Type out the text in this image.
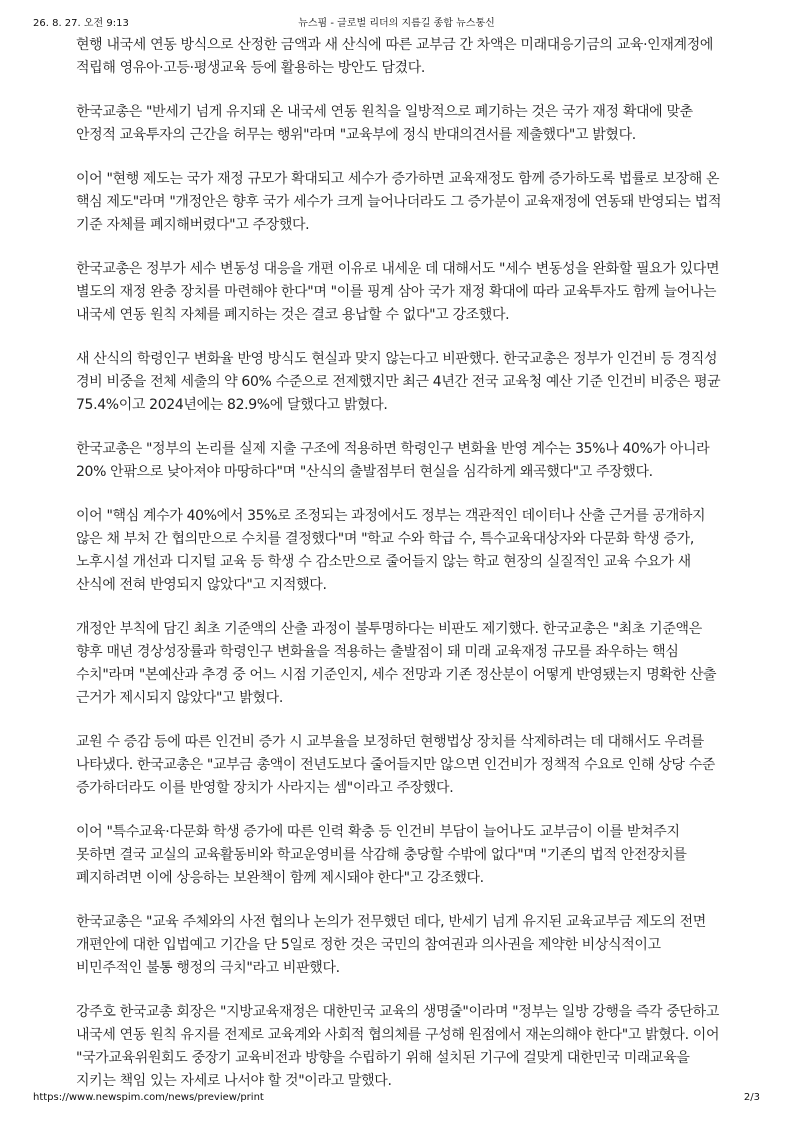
26. 8. 27. 오전 9:13	뉴스핌 - 글로벌 리더의 지름길 종합 뉴스통신

현행 내국세 연동 방식으로 산정한 금액과 새 산식에 따른 교부금 간 차액은 미래대응기금의 교육·인재계정에 적립해 영유아·고등·평생교육 등에 활용하는 방안도 담겼다.

한국교총은 "반세기 넘게 유지돼 온 내국세 연동 원칙을 일방적으로 폐기하는 것은 국가 재정 확대에 맞춘 안정적 교육투자의 근간을 허무는 행위"라며 "교육부에 정식 반대의견서를 제출했다"고 밝혔다.

이어 "현행 제도는 국가 재정 규모가 확대되고 세수가 증가하면 교육재정도 함께 증가하도록 법률로 보장해 온 핵심 제도"라며 "개정안은 향후 국가 세수가 크게 늘어나더라도 그 증가분이 교육재정에 연동돼 반영되는 법적 기준 자체를 폐지해버렸다"고 주장했다.

한국교총은 정부가 세수 변동성 대응을 개편 이유로 내세운 데 대해서도 "세수 변동성을 완화할 필요가 있다면 별도의 재정 완충 장치를 마련해야 한다"며 "이를 핑계 삼아 국가 재정 확대에 따라 교육투자도 함께 늘어나는 내국세 연동 원칙 자체를 폐지하는 것은 결코 용납할 수 없다"고 강조했다.

새 산식의 학령인구 변화율 반영 방식도 현실과 맞지 않는다고 비판했다. 한국교총은 정부가 인건비 등 경직성 경비 비중을 전체 세출의 약 60% 수준으로 전제했지만 최근 4년간 전국 교육청 예산 기준 인건비 비중은 평균 75.4%이고 2024년에는 82.9%에 달했다고 밝혔다.

한국교총은 "정부의 논리를 실제 지출 구조에 적용하면 학령인구 변화율 반영 계수는 35%나 40%가 아니라 20% 안팎으로 낮아져야 마땅하다"며 "산식의 출발점부터 현실을 심각하게 왜곡했다"고 주장했다.

이어 "핵심 계수가 40%에서 35%로 조정되는 과정에서도 정부는 객관적인 데이터나 산출 근거를 공개하지 않은 채 부처 간 협의만으로 수치를 결정했다"며 "학교 수와 학급 수, 특수교육대상자와 다문화 학생 증가, 노후시설 개선과 디지털 교육 등 학생 수 감소만으로 줄어들지 않는 학교 현장의 실질적인 교육 수요가 새 산식에 전혀 반영되지 않았다"고 지적했다.

개정안 부칙에 담긴 최초 기준액의 산출 과정이 불투명하다는 비판도 제기했다. 한국교총은 "최초 기준액은 향후 매년 경상성장률과 학령인구 변화율을 적용하는 출발점이 돼 미래 교육재정 규모를 좌우하는 핵심 수치"라며 "본예산과 추경 중 어느 시점 기준인지, 세수 전망과 기존 정산분이 어떻게 반영됐는지 명확한 산출 근거가 제시되지 않았다"고 밝혔다.

교원 수 증감 등에 따른 인건비 증가 시 교부율을 보정하던 현행법상 장치를 삭제하려는 데 대해서도 우려를 나타냈다. 한국교총은 "교부금 총액이 전년도보다 줄어들지만 않으면 인건비가 정책적 수요로 인해 상당 수준 증가하더라도 이를 반영할 장치가 사라지는 셈"이라고 주장했다.

이어 "특수교육·다문화 학생 증가에 따른 인력 확충 등 인건비 부담이 늘어나도 교부금이 이를 받쳐주지 못하면 결국 교실의 교육활동비와 학교운영비를 삭감해 충당할 수밖에 없다"며 "기존의 법적 안전장치를 폐지하려면 이에 상응하는 보완책이 함께 제시돼야 한다"고 강조했다.

한국교총은 "교육 주체와의 사전 협의나 논의가 전무했던 데다, 반세기 넘게 유지된 교육교부금 제도의 전면 개편안에 대한 입법예고 기간을 단 5일로 정한 것은 국민의 참여권과 의사권을 제약한 비상식적이고 비민주적인 불통 행정의 극치"라고 비판했다.

강주호 한국교총 회장은 "지방교육재정은 대한민국 교육의 생명줄"이라며 "정부는 일방 강행을 즉각 중단하고 내국세 연동 원칙 유지를 전제로 교육계와 사회적 협의체를 구성해 원점에서 재논의해야 한다"고 밝혔다. 이어 "국가교육위원회도 중장기 교육비전과 방향을 수립하기 위해 설치된 기구에 걸맞게 대한민국 미래교육을 지키는 책임 있는 자세로 나서야 할 것"이라고 말했다.

https://www.newspim.com/news/preview/print	2/3
